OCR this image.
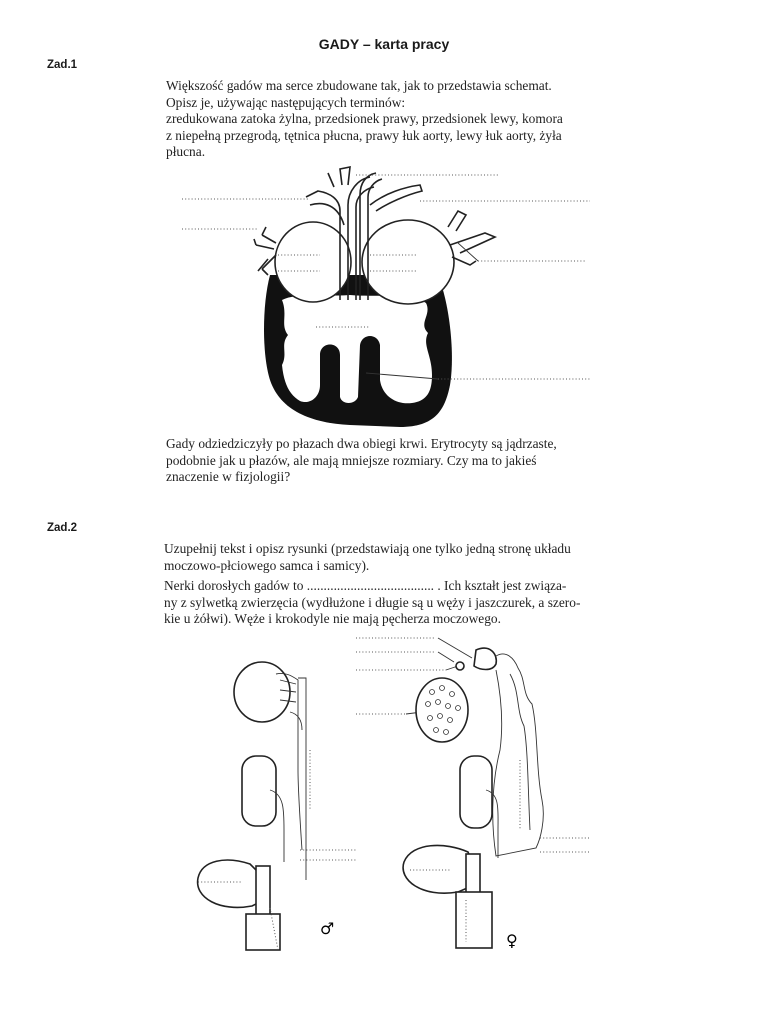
GADY – karta pracy
Zad.1

Większość gadów ma serce zbudowane tak, jak to przedstawia schemat.

Opisz je, używając następujących terminów:

zredukowana zatoka żylna, przedsionek prawy, przedsionek lewy, komora

z niepełną przegrodą, tętnica płucna, prawy łuk aorty, lewy łuk aorty, żyła

płucna.

Gady odziedziczyły po płazach dwa obiegi krwi. Erytrocyty są jądrzaste,

podobnie jak u płazów, ale mają mniejsze rozmiary. Czy ma to jakieś

znaczenie w fizjologii?

Zad.2

Uzupełnij tekst i opisz rysunki (przedstawiają one tylko jedną stronę układu

moczowo-płciowego samca i samicy).

Nerki dorosłych gadów to ...................................... . Ich kształt jest związa-

ny z sylwetką zwierzęcia (wydłużone i długie są u węży i jaszczurek, a szero-

kie u żółwi). Węże i krokodyle nie mają pęcherza moczowego.

♂
♀
